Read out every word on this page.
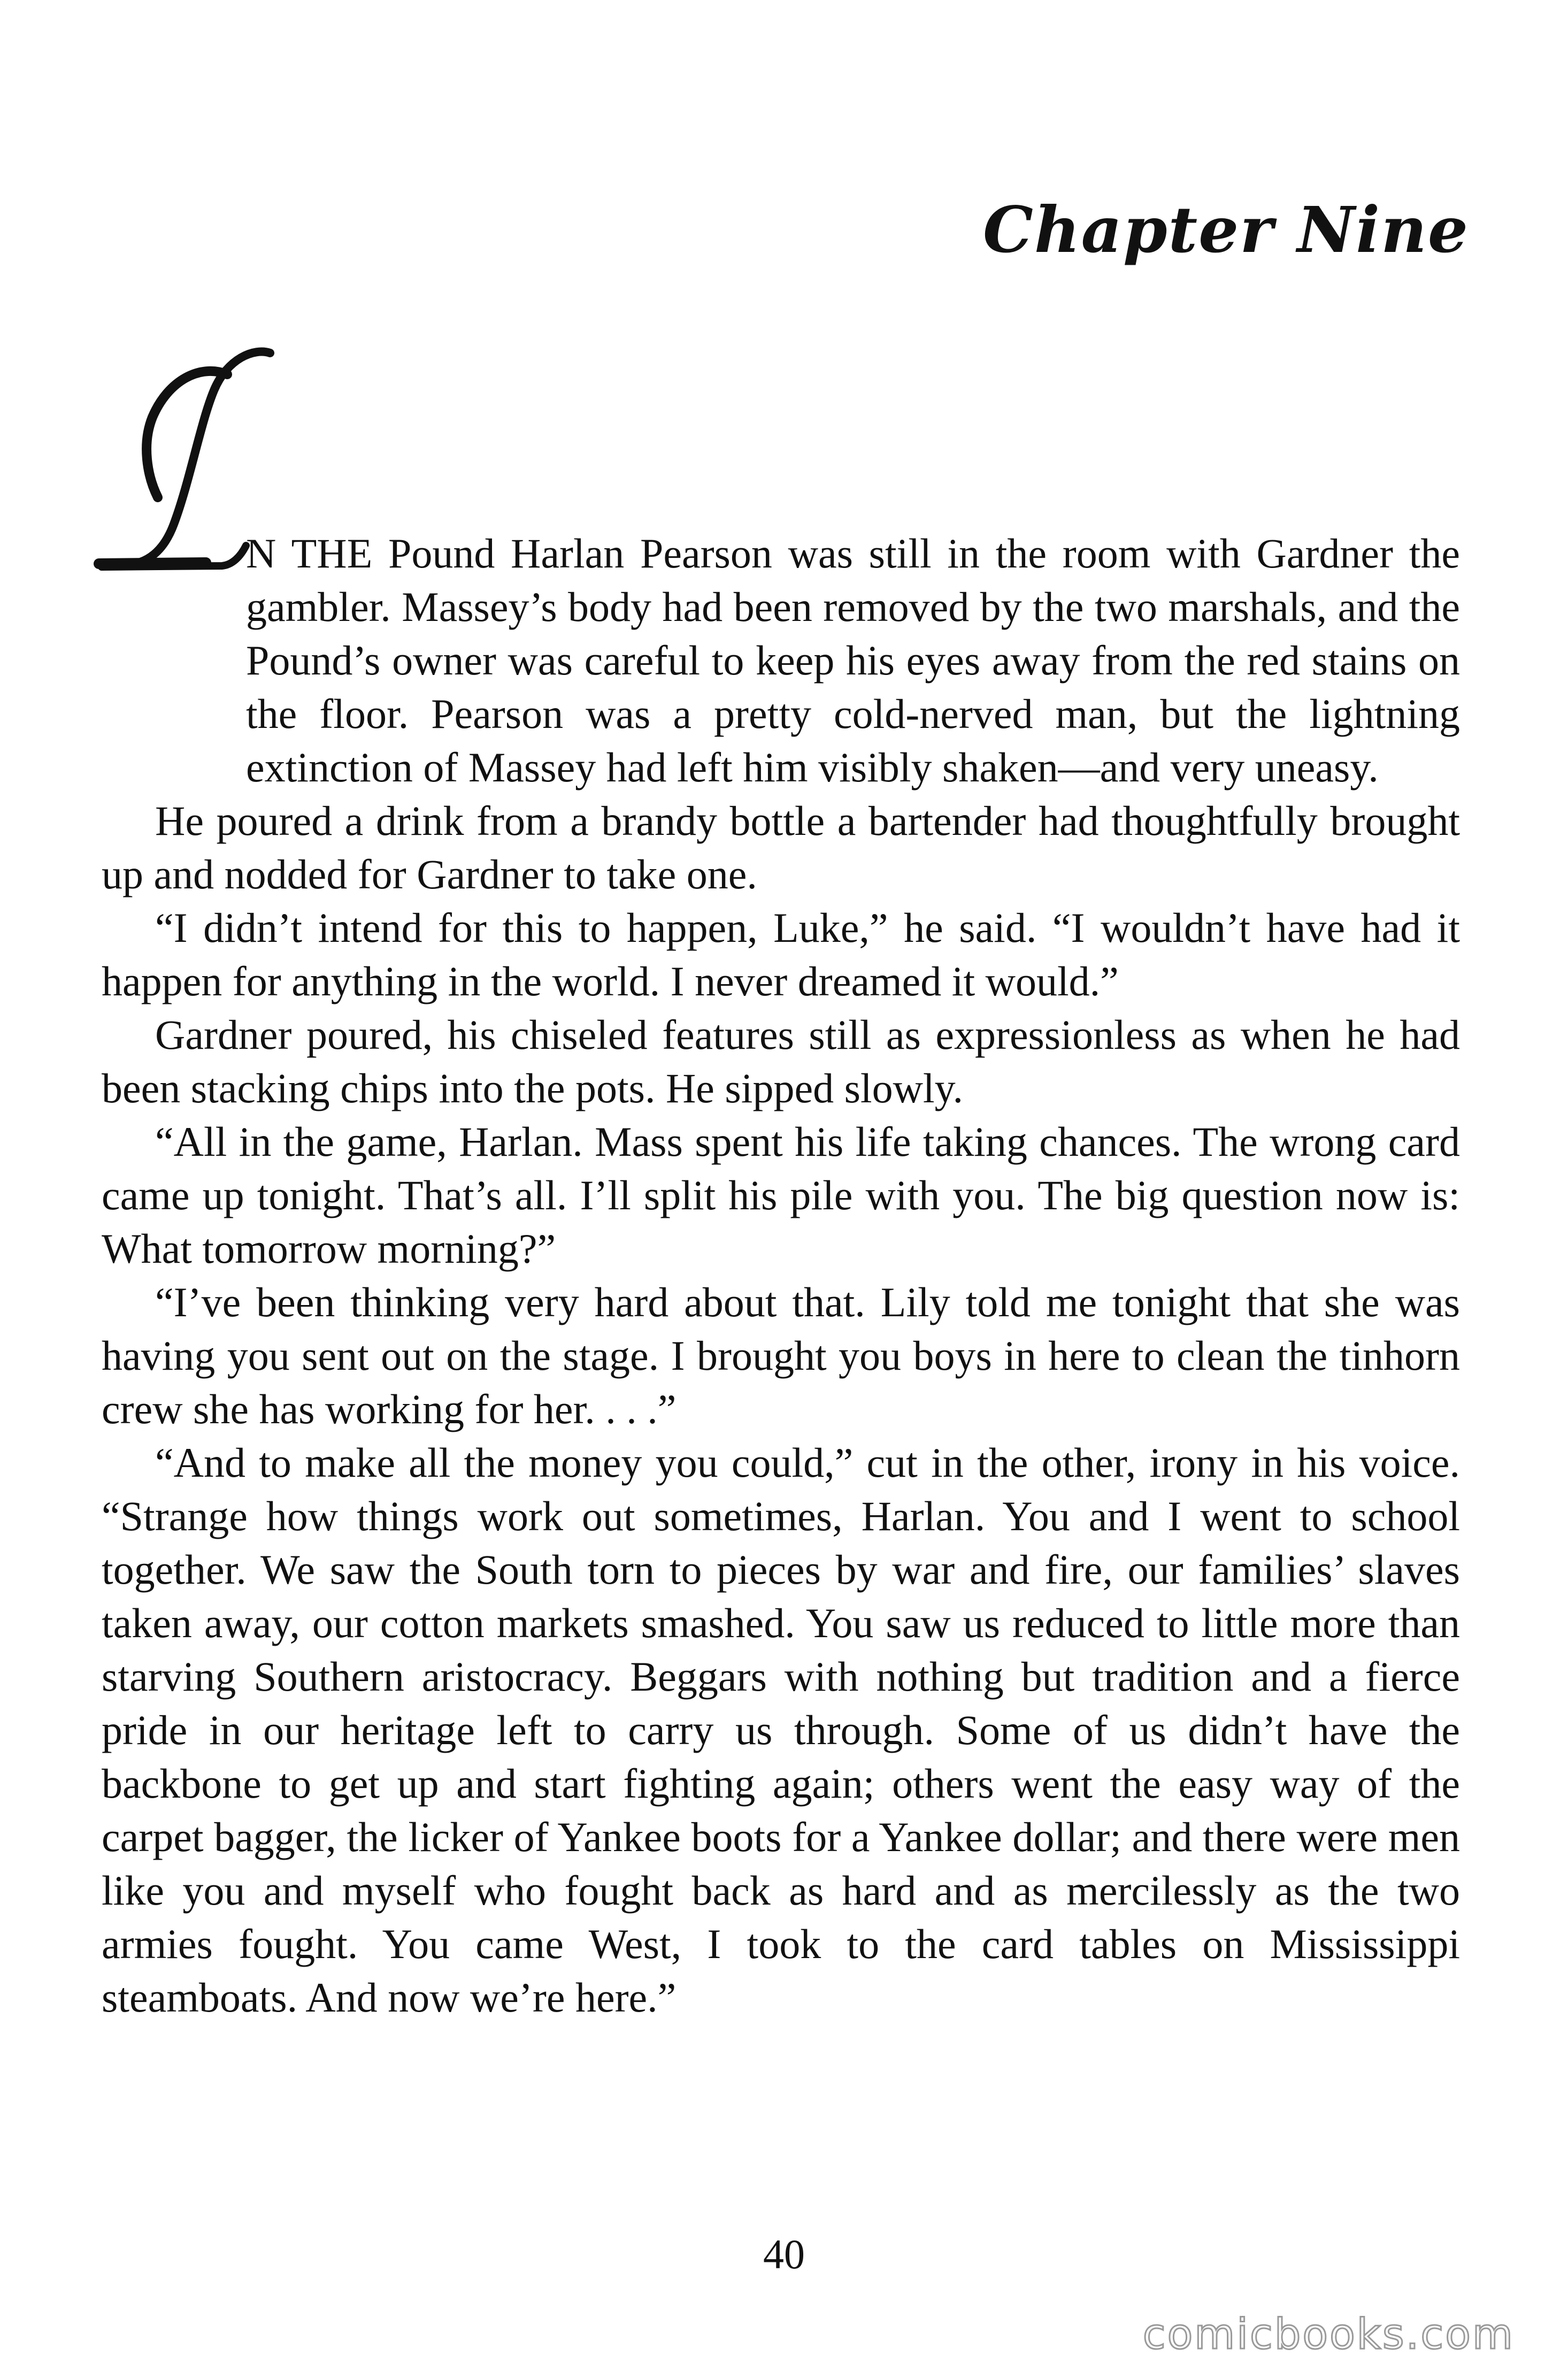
Chapter Nine

N THE Pound Harlan Pearson was still in the room with Gardner the gambler. Massey’s body had been removed by the two marshals, and the Pound’s owner was careful to keep his eyes away from the red stains on the floor. Pearson was a pretty cold-nerved man, but the lightning extinction of Massey had left him visibly shaken—and very uneasy.

He poured a drink from a brandy bottle a bartender had thoughtfully brought up and nodded for Gardner to take one.

“I didn’t intend for this to happen, Luke,” he said. “I wouldn’t have had it happen for anything in the world. I never dreamed it would.”

Gardner poured, his chiseled features still as expressionless as when he had been stacking chips into the pots. He sipped slowly.

“All in the game, Harlan. Mass spent his life taking chances. The wrong card came up tonight. That’s all. I’ll split his pile with you. The big question now is: What tomorrow morning?”

“I’ve been thinking very hard about that. Lily told me tonight that she was having you sent out on the stage. I brought you boys in here to clean the tinhorn crew she has working for her. . . .”

“And to make all the money you could,” cut in the other, irony in his voice. “Strange how things work out sometimes, Harlan. You and I went to school together. We saw the South torn to pieces by war and fire, our families’ slaves taken away, our cotton markets smashed. You saw us reduced to little more than starving Southern aristocracy. Beggars with nothing but tradition and a fierce pride in our heritage left to carry us through. Some of us didn’t have the backbone to get up and start fighting again; others went the easy way of the carpet bagger, the licker of Yankee boots for a Yankee dollar; and there were men like you and myself who fought back as hard and as mercilessly as the two armies fought. You came West, I took to the card tables on Mississippi steamboats. And now we’re here.”

40
comicbooks.com
